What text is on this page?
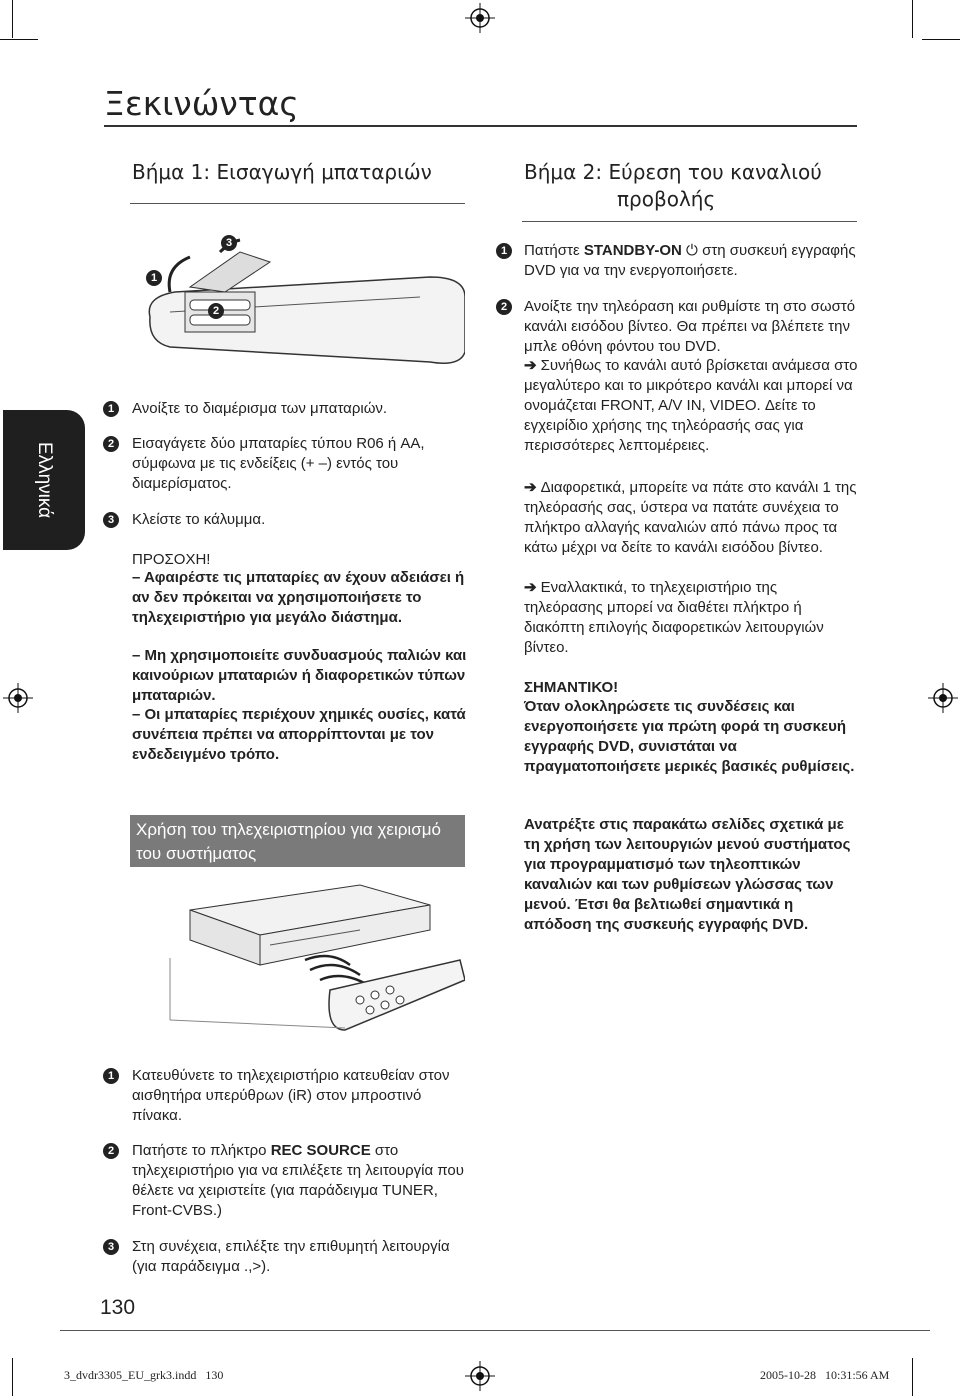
Ξεκινώντας
Ελληνικά
Βήμα 1: Εισαγωγή μπαταριών
1
2
3
1	Ανοίξτε το διαμέρισμα των μπαταριών.
2	Εισαγάγετε δύο μπαταρίες τύπου R06 ή AA, σύμφωνα με τις ενδείξεις (+ –) εντός του διαμερίσματος.
3	Κλείστε το κάλυμμα.
ΠΡΟΣΟΧΗ!
– Αφαιρέστε τις μπαταρίες αν έχουν αδειάσει ή αν δεν πρόκειται να χρησιμοποιήσετε το τηλεχειριστήριο για μεγάλο διάστημα.
– Μη χρησιμοποιείτε συνδυασμούς παλιών και καινούριων μπαταριών ή διαφορετικών τύπων μπαταριών.
– Οι μπαταρίες περιέχουν χημικές ουσίες, κατά συνέπεια πρέπει να απορρίπτονται με τον ενδεδειγμένο τρόπο.
Χρήση του τηλεχειριστηρίου για χειρισμό του συστήματος
Βήμα 2: Εύρεση του καναλιού
προβολής
1	Πατήστε STANDBY-ON ⏻ στη συσκευή εγγραφής DVD για να την ενεργοποιήσετε.
2	Ανοίξτε την τηλεόραση και ρυθμίστε τη στο σωστό κανάλι εισόδου βίντεο. Θα πρέπει να βλέπετε την μπλε οθόνη φόντου του DVD.
➔ Συνήθως το κανάλι αυτό βρίσκεται ανάμεσα στο μεγαλύτερο και το μικρότερο κανάλι και μπορεί να ονομάζεται FRONT, A/V IN, VIDEO. Δείτε το εγχειρίδιο χρήσης της τηλεόρασής σας για περισσότερες λεπτομέρειες.
➔ Διαφορετικά, μπορείτε να πάτε στο κανάλι 1 της τηλεόρασής σας, ύστερα να πατάτε συνέχεια το πλήκτρο αλλαγής καναλιών από πάνω προς τα κάτω μέχρι να δείτε το κανάλι εισόδου βίντεο.
➔ Εναλλακτικά, το τηλεχειριστήριο της τηλεόρασης μπορεί να διαθέτει πλήκτρο ή διακόπτη επιλογής διαφορετικών λειτουργιών βίντεο.
ΣΗΜΑΝΤΙΚΟ!
Όταν ολοκληρώσετε τις συνδέσεις και ενεργοποιήσετε για πρώτη φορά τη συσκευή εγγραφής DVD, συνιστάται να πραγματοποιήσετε μερικές βασικές ρυθμίσεις.
Ανατρέξτε στις παρακάτω σελίδες σχετικά με τη χρήση των λειτουργιών μενού συστήματος για προγραμματισμό των τηλεοπτικών καναλιών και των ρυθμίσεων γλώσσας των μενού. Έτσι θα βελτιωθεί σημαντικά η απόδοση της συσκευής εγγραφής DVD.
1	Κατευθύνετε το τηλεχειριστήριο κατευθείαν στον αισθητήρα υπερύθρων (iR) στον μπροστινό πίνακα.
2	Πατήστε το πλήκτρο REC SOURCE στο τηλεχειριστήριο για να επιλέξετε τη λειτουργία που θέλετε να χειριστείτε (για παράδειγμα TUNER, Front-CVBS.)
3	Στη συνέχεια, επιλέξτε την επιθυμητή λειτουργία (για παράδειγμα .,>).
130
3_dvdr3305_EU_grk3.indd   130	2005-10-28   10:31:56 AM
